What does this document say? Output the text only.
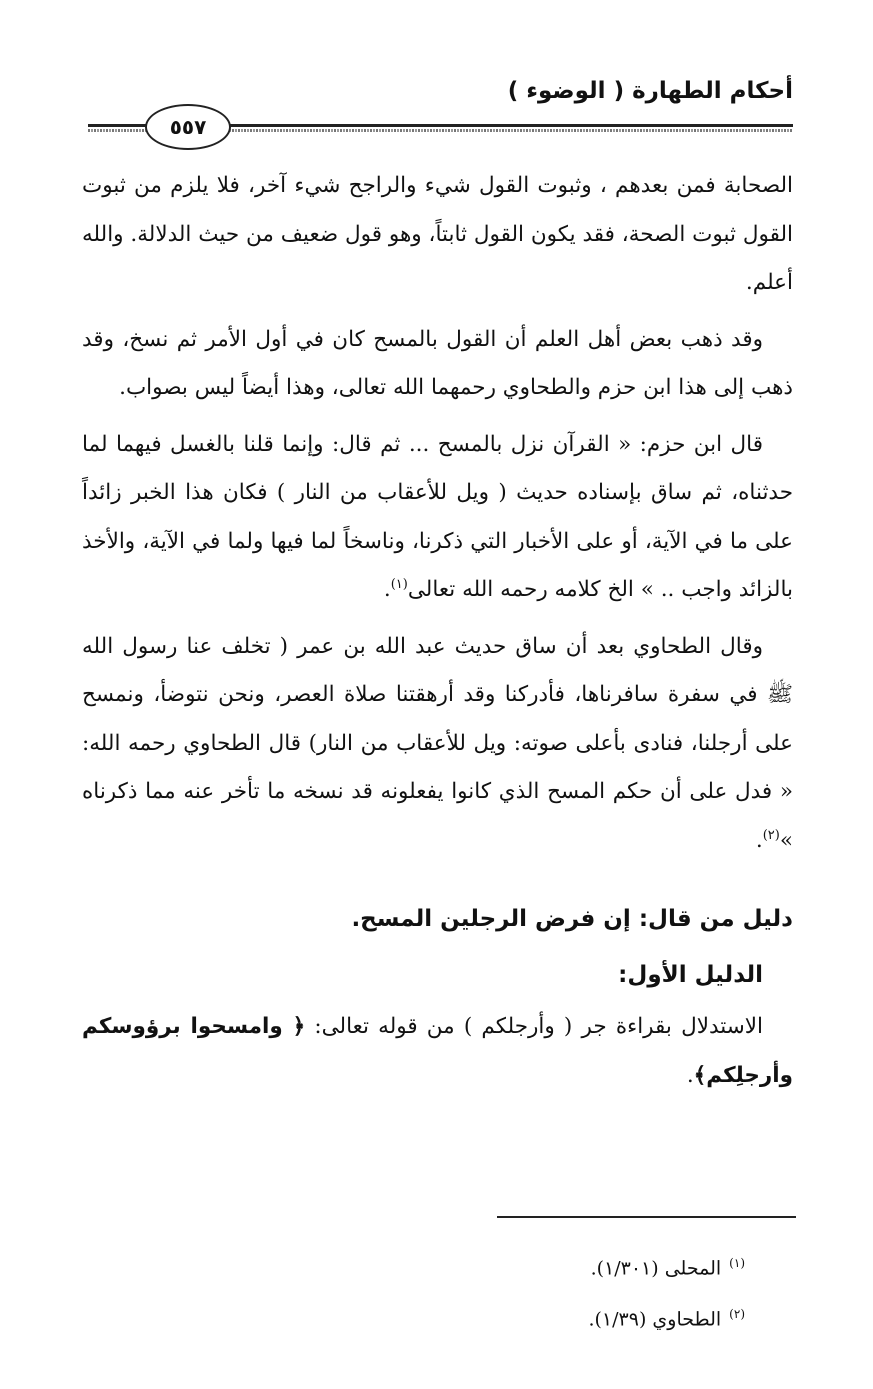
أحكام الطهارة ( الوضوء )
٥٥٧

الصحابة فمن بعدهم ، وثبوت القول شيء والراجح شيء آخر، فلا يلزم من ثبوت القول ثبوت الصحة، فقد يكون القول ثابتاً، وهو قول ضعيف من حيث الدلالة. والله أعلم.

وقد ذهب بعض أهل العلم أن القول بالمسح كان في أول الأمر ثم نسخ، وقد ذهب إلى هذا ابن حزم والطحاوي رحمهما الله تعالى، وهذا أيضاً ليس بصواب.

قال ابن حزم: « القرآن نزل بالمسح ... ثم قال: وإنما قلنا بالغسل فيهما لما حدثناه، ثم ساق بإسناده حديث ( ويل للأعقاب من النار ) فكان هذا الخبر زائداً على ما في الآية، أو على الأخبار التي ذكرنا، وناسخاً لما فيها ولما في الآية، والأخذ بالزائد واجب .. » الخ كلامه رحمه الله تعالى$^{(١)}$.

وقال الطحاوي بعد أن ساق حديث عبد الله بن عمر ( تخلف عنا رسول الله ﷺ في سفرة سافرناها، فأدركنا وقد أرهقتنا صلاة العصر، ونحن نتوضأ، ونمسح على أرجلنا، فنادى بأعلى صوته: ويل للأعقاب من النار) قال الطحاوي رحمه الله: « فدل على أن حكم المسح الذي كانوا يفعلونه قد نسخه ما تأخر عنه مما ذكرناه »$^{(٢)}$.

دليل من قال: إن فرض الرجلين المسح.
الدليل الأول:

الاستدلال بقراءة جر ( وأرجلكم ) من قوله تعالى: ﴿ وامسحوا برؤوسكم وأرجلِكم﴾.

$^{(١)}$المحلى (١/٣٠١).
$^{(٢)}$الطحاوي (١/٣٩).
